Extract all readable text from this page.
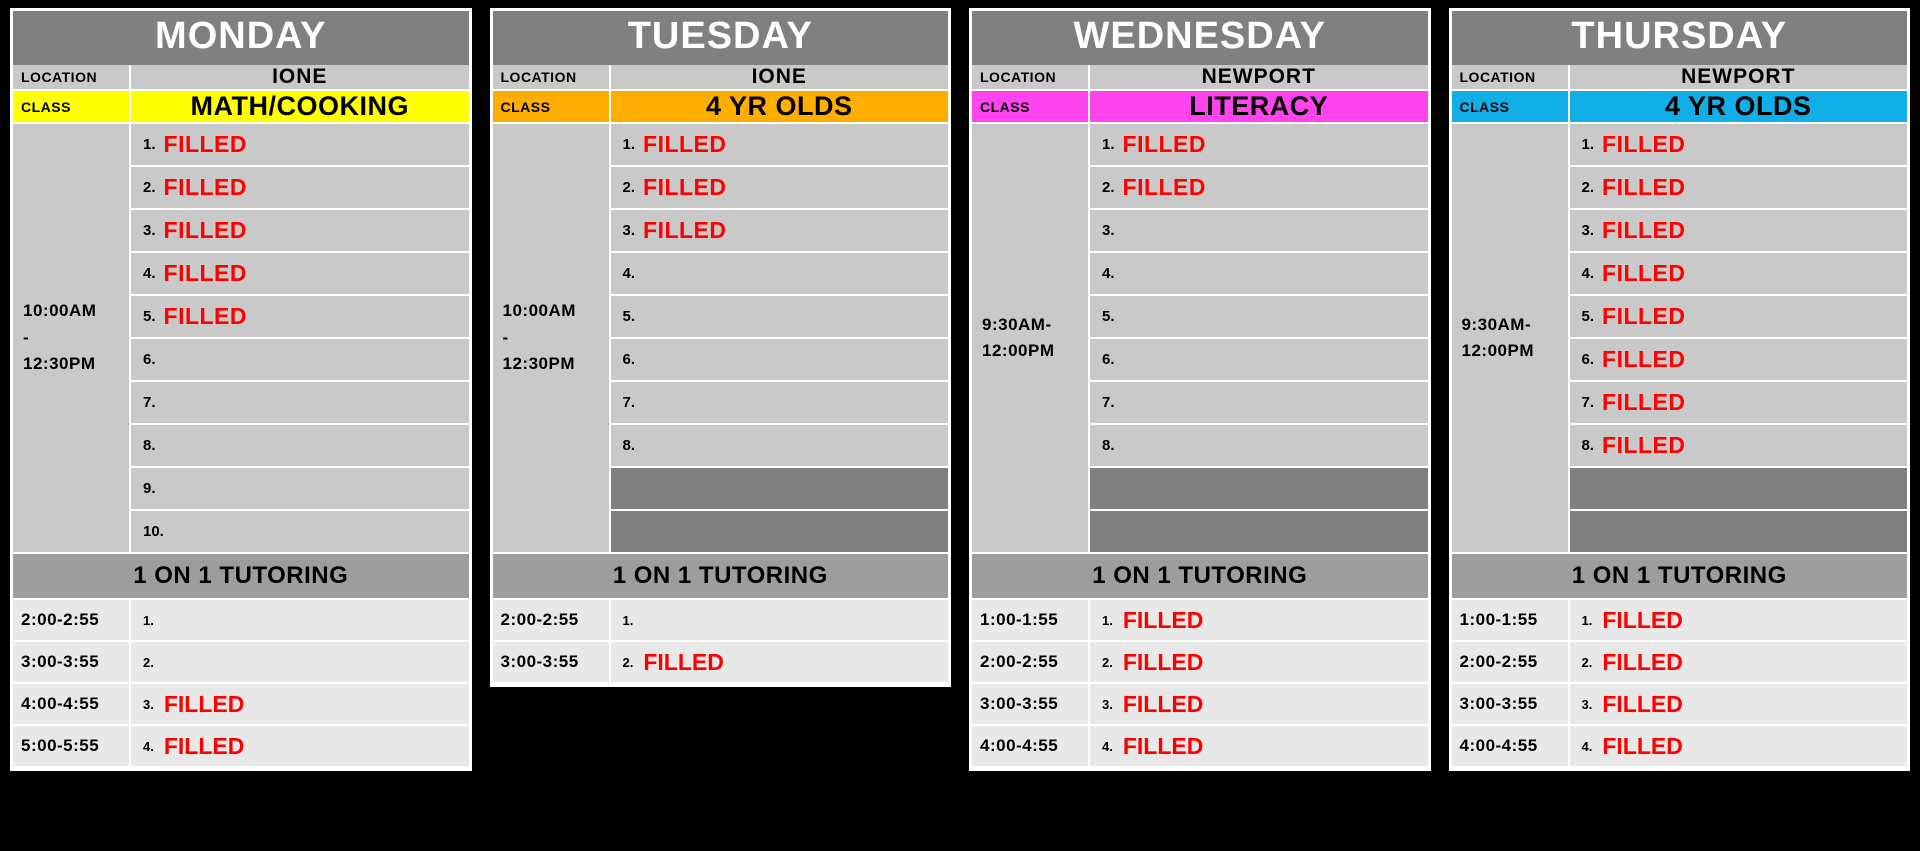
MONDAY
LOCATION	IONE
CLASS	MATH/COOKING
10:00AM
-
12:30PM
1. FILLED
2. FILLED
3. FILLED
4. FILLED
5. FILLED
6.
7.
8.
9.
10.
1 ON 1 TUTORING
2:00-2:55	1.
3:00-3:55	2.
4:00-4:55	3. FILLED
5:00-5:55	4. FILLED
TUESDAY
LOCATION	IONE
CLASS	4 YR OLDS
10:00AM
-
12:30PM
1. FILLED
2. FILLED
3. FILLED
4.
5.
6.
7.
8.
1 ON 1 TUTORING
2:00-2:55	1.
3:00-3:55	2. FILLED
WEDNESDAY
LOCATION	NEWPORT
CLASS	LITERACY
9:30AM-
12:00PM
1. FILLED
2. FILLED
3.
4.
5.
6.
7.
8.
1 ON 1 TUTORING
1:00-1:55	1. FILLED
2:00-2:55	2. FILLED
3:00-3:55	3. FILLED
4:00-4:55	4. FILLED
THURSDAY
LOCATION	NEWPORT
CLASS	4 YR OLDS
9:30AM-
12:00PM
1. FILLED
2. FILLED
3. FILLED
4. FILLED
5. FILLED
6. FILLED
7. FILLED
8. FILLED
1 ON 1 TUTORING
1:00-1:55	1. FILLED
2:00-2:55	2. FILLED
3:00-3:55	3. FILLED
4:00-4:55	4. FILLED
